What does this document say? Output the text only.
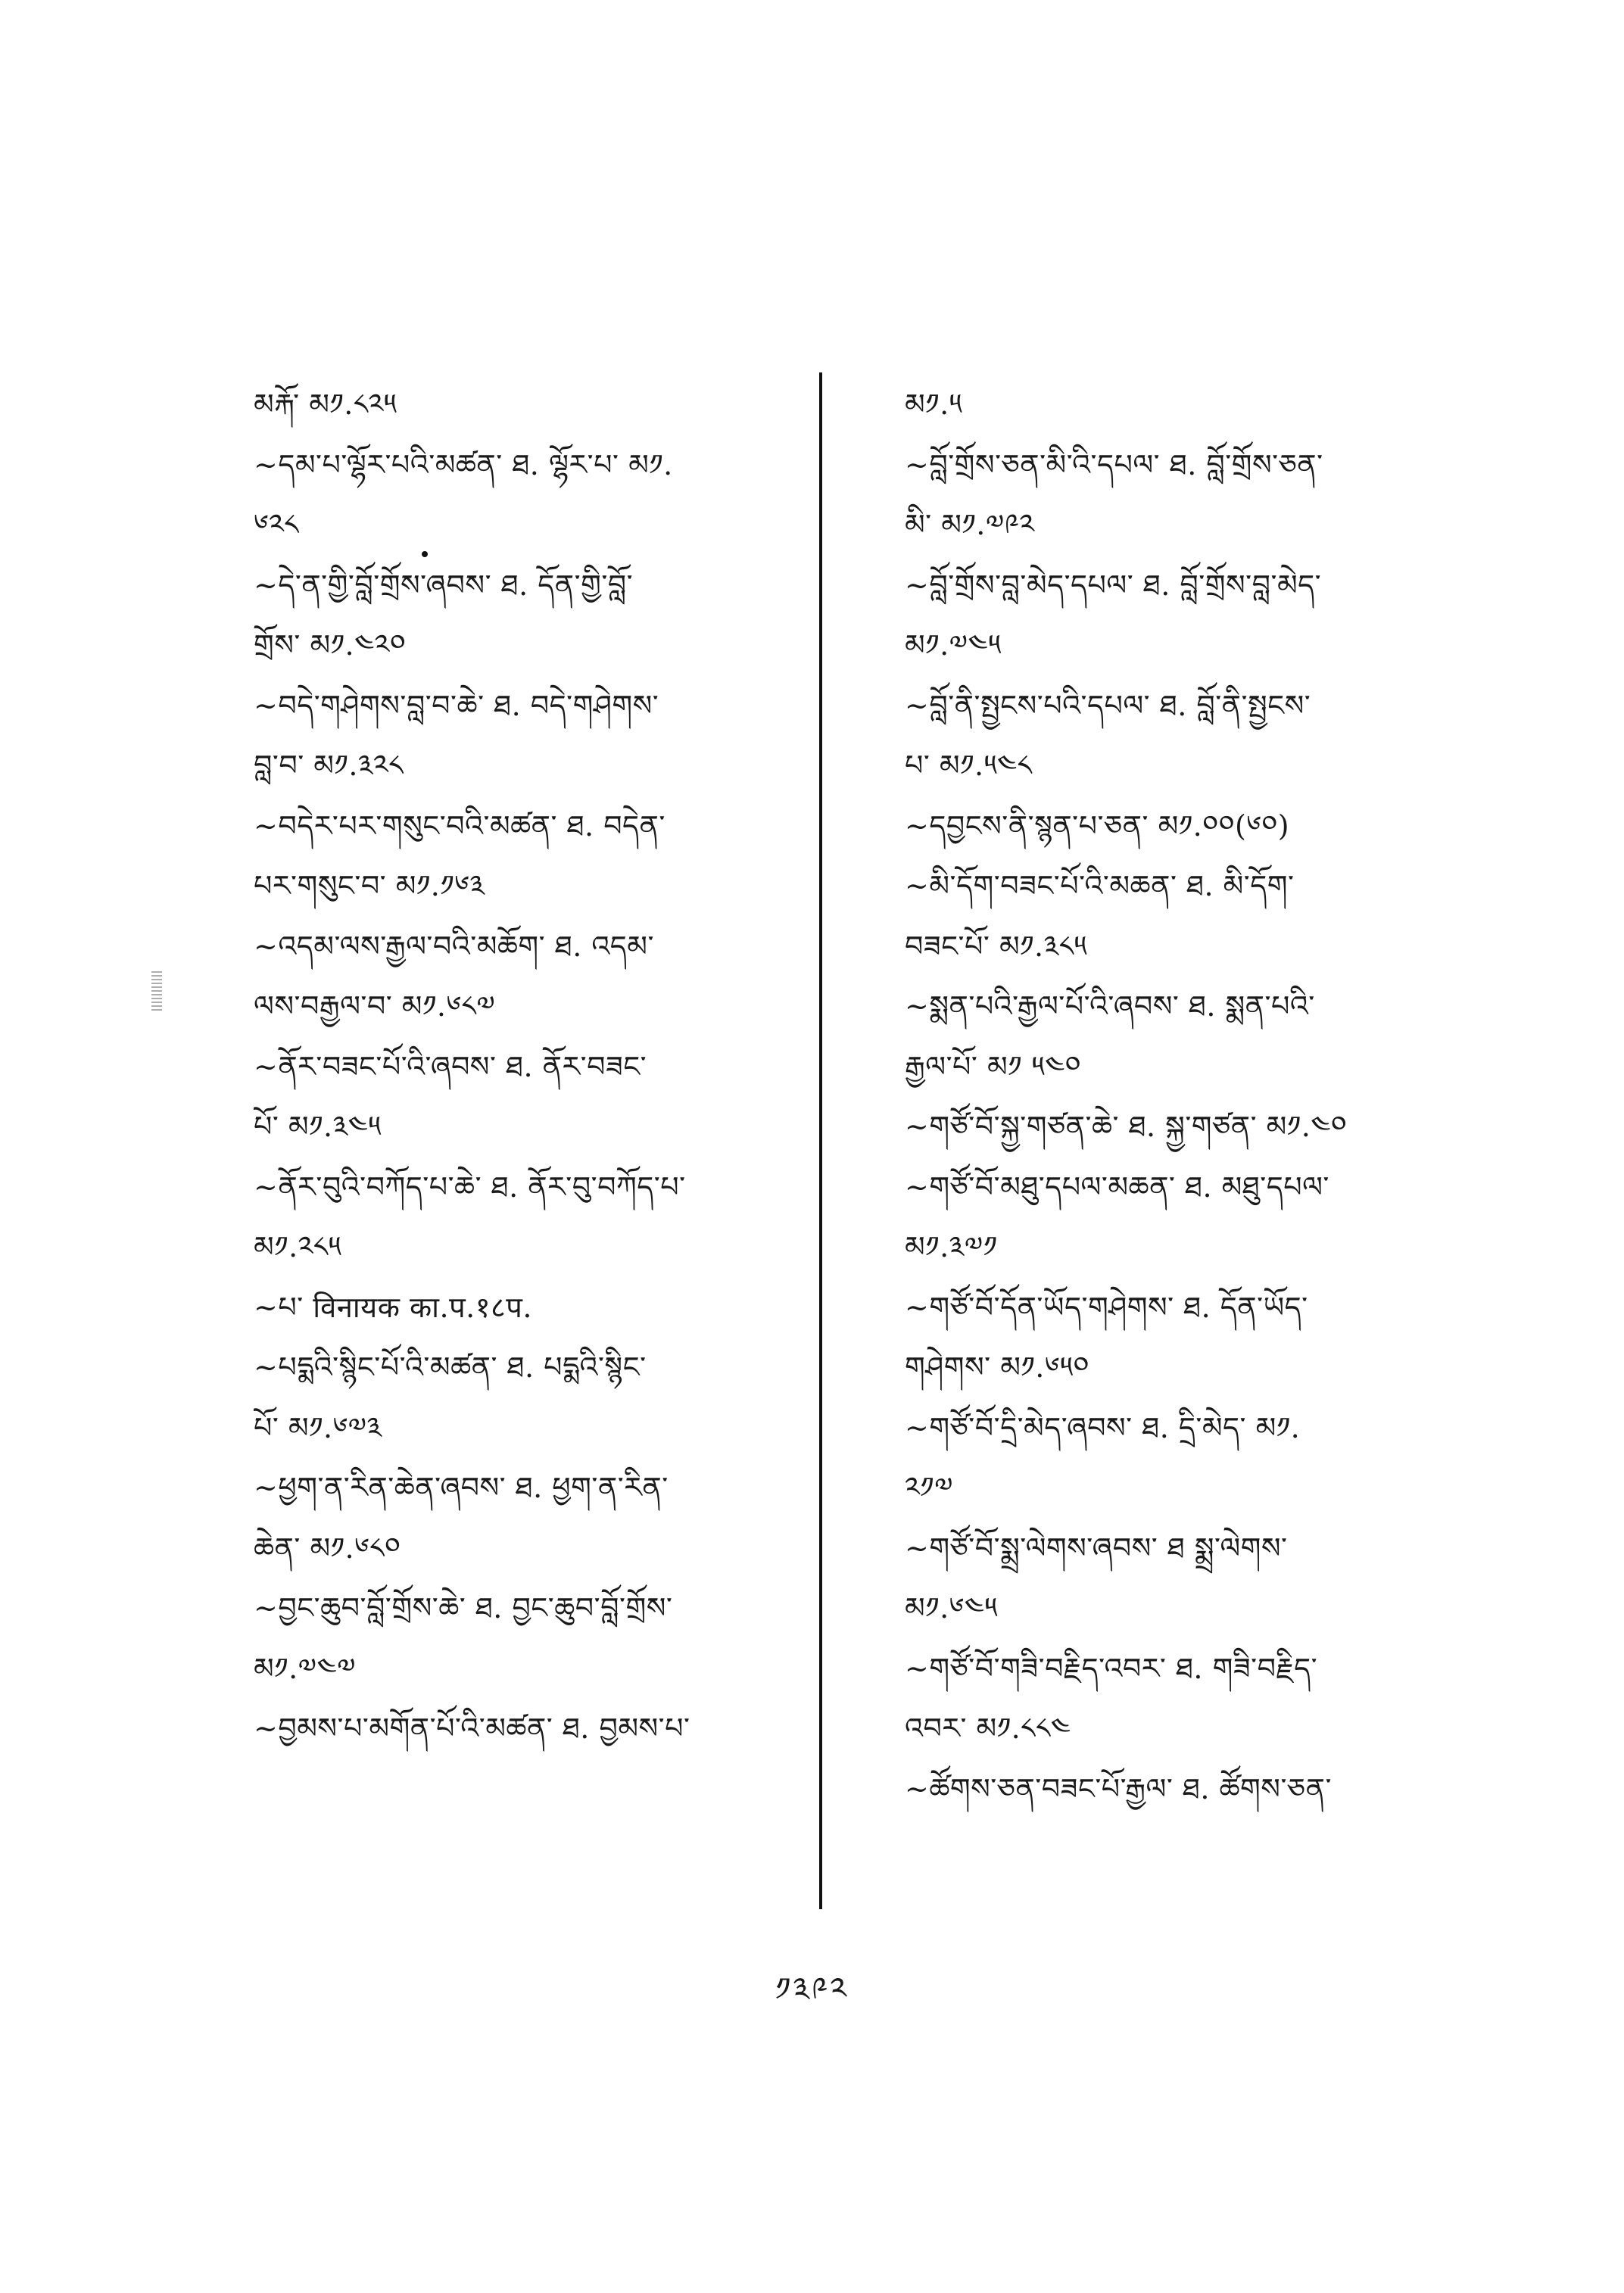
མརྐོ་ མ༡.༨༢༥
~དམ་པ་ལྷོར་པའི་མཚན་ ཐ. ལྷོར་པ་ མ༡.
༦༢༨
~དེ་ན་གྱི་བློ་གྲོས་ཞབས་ ཐ. དོན་གྱི་བློ་
གྲོས་ མ༡.༤༢༠
~བདེ་གཤེགས་བླ་བ་ཆེ་ ཐ. བདེ་གཤེགས་
བླ་བ་ མ༡.༣༢༨
~བདེར་པར་གསུང་བའི་མཚན་ ཐ. བདེན་
པར་གསུང་བ་ མ༡.༡༦༣
~འདམ་ལས་རྒྱལ་བའི་མཆོག་ ཐ. འདམ་
ལས་བརྒྱལ་བ་ མ༡.༦༨༧
~ནོར་བཟང་པོ་འི་ཞབས་ ཐ. ནོར་བཟང་
པོ་ མ༡.༣༤༥
~ནོར་བུའི་བཀོད་པ་ཆེ་ ཐ. ནོར་བུ་བཀོད་པ་
མ༡.༢༨༥
~པ་ विनायक का.प.१८प.
~པདྨའི་སྙིང་པོ་འི་མཚན་ ཐ. པདྨའི་སྙིང་
པོ་ མ༡.༦༧༣
~ཕྱག་ན་རིན་ཆེན་ཞབས་ ཐ. ཕྱག་ན་རིན་
ཆེན་ མ༡.༦༨༠
~བྱང་ཆུབ་བློ་གྲོས་ཆེ་ ཐ. བྱང་ཆུབ་བློ་གྲོས་
མ༡.༧༤༧
~བྱམས་པ་མགོན་པོ་འི་མཚན་ ཐ. བྱམས་པ་
མ༡.༥
~བློ་གྲོས་ཅན་མི་འི་དཔལ་ ཐ. བློ་གྲོས་ཅན་
མི་ མ༡.༧༩༢
~བློ་གྲོས་བླ་མེད་དཔལ་ ཐ. བློ་གྲོས་བླ་མེད་
མ༡.༧༤༥
~བློ་ནི་སྤྱངས་པའི་དཔལ་ ཐ. བློ་ནི་སྤྱངས་
པ་ མ༡.༥༤༨
~དབྱངས་ནི་སྙན་པ་ཅན་ མ༡.༠༠(༦༠)
~མི་དོག་བཟང་པོ་འི་མཆན་ ཐ. མི་དོག་
བཟང་པོ་ མ༡.༣༨༥
~སྨན་པའི་རྒྱལ་པོ་འི་ཞབས་ ཐ. སྨན་པའི་
རྒྱལ་པོ་ མ༡ ༥༤༠
~གཙོ་བོ་སྐྱ་གཙན་ཆེ་ ཐ. སྐྱ་གཙན་ མ༡.༤༠
~གཙོ་བོ་མཐུ་དཔལ་མཆན་ ཐ. མཐུ་དཔལ་
མ༡.༣༧༡
~གཙོ་བོ་དོན་ཡོད་གཤེགས་ ཐ. དོན་ཡོད་
གཤེགས་ མ༡.༦༥༠
~གཙོ་བོ་དྲི་མེད་ཞབས་ ཐ. དྲི་མེད་ མ༡.
༢༡༧
~གཙོ་བོ་སྨྲ་ལེགས་ཞབས་ ཐ སྨྲ་ལེགས་
མ༡.༦༤༥
~གཙོ་བོ་གཟི་བརྗིད་འབར་ ཐ. གཟི་བརྗིད་
འབར་ མ༡.༨༨༤
~ཚོགས་ཅན་བཟང་པོ་རྒྱལ་ ཐ. ཚོགས་ཅན་
༡༣༩༢
